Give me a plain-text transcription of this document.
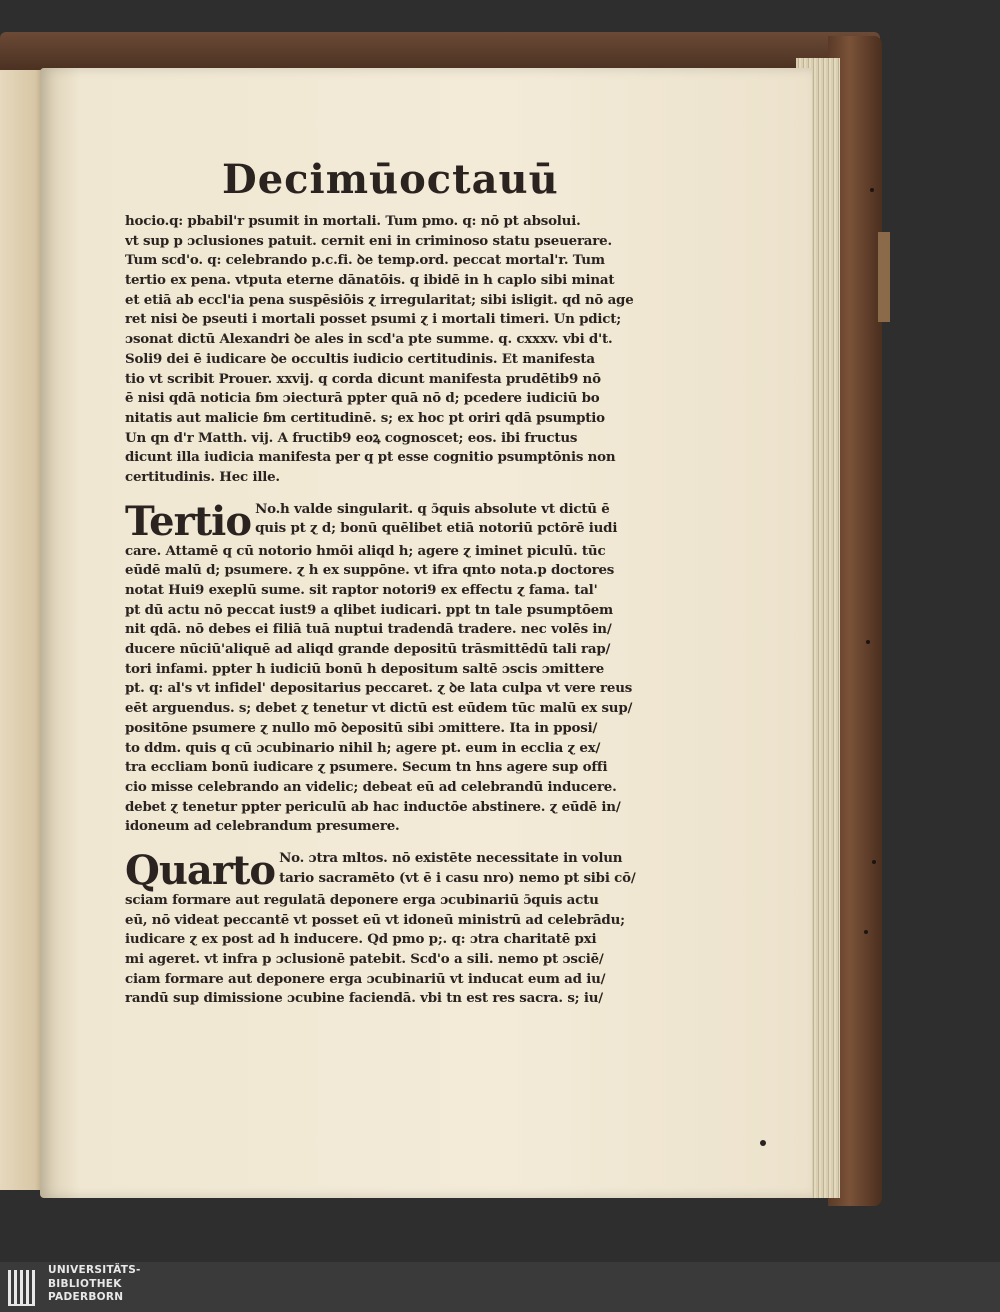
Decimūoctauū
hocio.q: pbabil'r psumit in mortali. Tum pmo. q: nō pt absolui.
vt sup p ɔclusiones patuit. cernit eni in criminoso statu pseuerare.
Tum scd'o. q: celebrando p.c.fi. ꝺe temp.ord. peccat mortal'r. Tum
tertio ex pena. vtputa eterne dānatōis. q ibidē in h caplo sibi minat
et etiā ab eccl'ia pena suspēsiōis ɀ irregularitat; sibi isligit. qd nō age
ret nisi ꝺe pseuti i mortali posset psumi ɀ i mortali timeri. Un pdict;
ɔsonat dictū Alexandri ꝺe ales in scd'a pte summe. q. cxxxv. vbi d't.
Soli9 dei ē iudicare ꝺe occultis iudicio certitudinis. Et manifesta
tio vt scribit Prouer. xxvij. q corda dicunt manifesta prudētib9 nō
ē nisi qdā noticia ɓm ɔiecturā ppter quā nō d; pcedere iudiciū bo
nitatis aut malicie ɓm certitudinē. s; ex hoc pt oriri qdā psumptio
Un qn d'r Matth. vij. A fructib9 eoꝝ cognoscet; eos. ibi fructus
dicunt illa iudicia manifesta per q pt esse cognitio psumptōnis non
certitudinis. Hec ille.
Tertio No.h valde singularit. q ɔ̄quis absolute vt dictū ē
quis pt ɀ d; bonū quēlibet etiā notoriū pctōrē iudi
care. Attamē q cū notorio hmōi aliqd h; agere ɀ iminet piculū. tūc
eūdē malū d; psumere. ɀ h ex suppōne. vt ifra qnto nota.p doctores
notat Hui9 exeplū sume. sit raptor notori9 ex effectu ɀ fama. tal'
pt dū actu nō peccat iust9 a qlibet iudicari. ppt tn tale psumptōem
nit qdā. nō debes ei filiā tuā nuptui tradendā tradere. nec volēs in/
ducere nūciū'aliquē ad aliqd grande depositū trāsmittēdū tali rap/
tori infami. ppter h iudiciū bonū h depositum saltē ɔscis ɔmittere
pt. q: al's vt infidel' depositarius peccaret. ɀ ꝺe lata culpa vt vere reus
eēt arguendus. s; debet ɀ tenetur vt dictū est eūdem tūc malū ex sup/
positōne psumere ɀ nullo mō ꝺepositū sibi ɔmittere. Ita in pposi/
to ddm. quis q cū ɔcubinario nihil h; agere pt. eum in ecclia ɀ ex/
tra eccliam bonū iudicare ɀ psumere. Secum tn hns agere sup offi
cio misse celebrando an videlic; debeat eū ad celebrandū inducere.
debet ɀ tenetur ppter periculū ab hac inductōe abstinere. ɀ eūdē in/
idoneum ad celebrandum presumere.
Quarto No. ɔtra mltos. nō existēte necessitate in volun
tario sacramēto (vt ē i casu nro) nemo pt sibi cō/
sciam formare aut regulatā deponere erga ɔcubinariū ɔ̄quis actu
eū, nō videat peccantē vt posset eū vt idoneū ministrū ad celebrādu;
iudicare ɀ ex post ad h inducere. Qd pmo p;. q: ɔtra charitatē pxi
mi ageret. vt infra p ɔclusionē patebit. Scd'o a sili. nemo pt ɔsciē/
ciam formare aut deponere erga ɔcubinariū vt inducat eum ad iu/
randū sup dimissione ɔcubine faciendā. vbi tn est res sacra. s; iu/
UNIVERSITÄTS-
BIBLIOTHEK
PADERBORN
